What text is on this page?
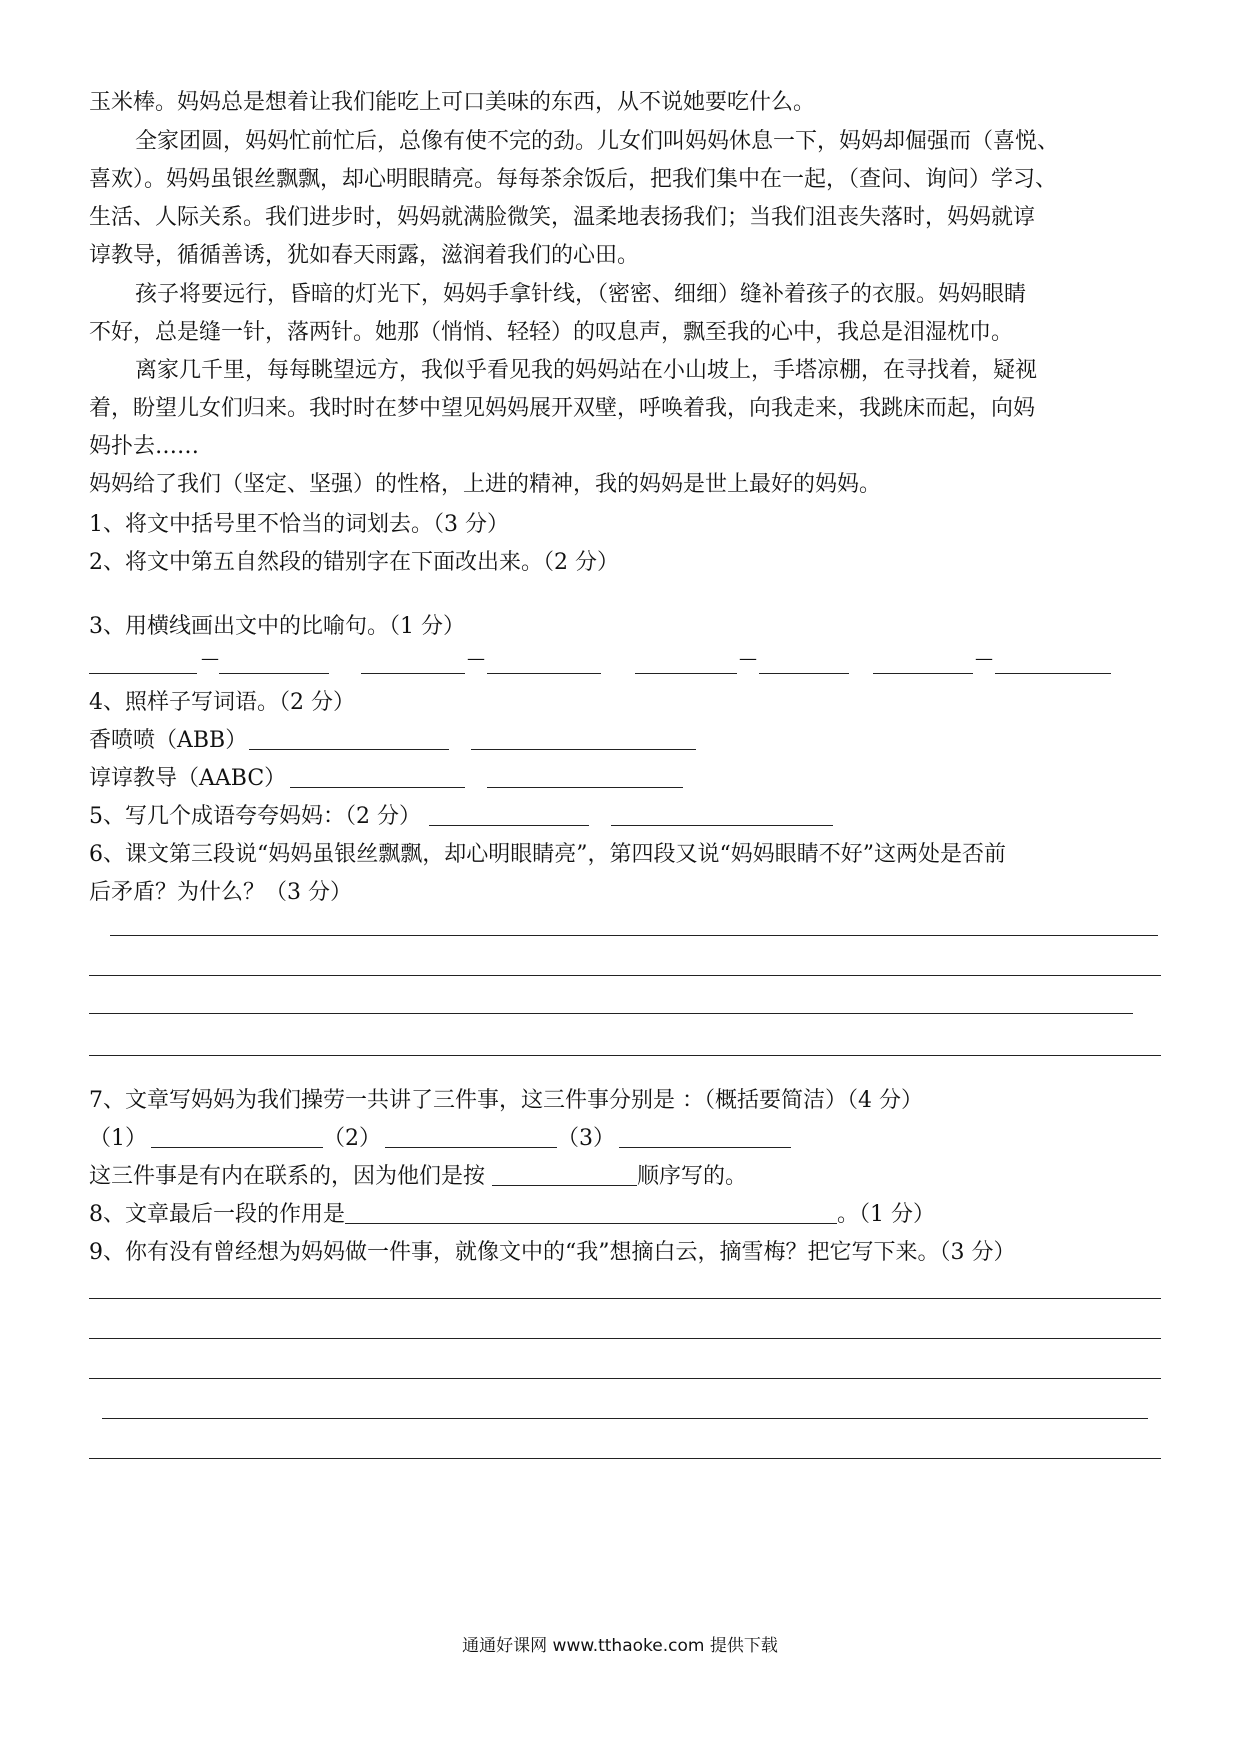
玉米棒。妈妈总是想着让我们能吃上可口美味的东西，从不说她要吃什么。
全家团圆，妈妈忙前忙后，总像有使不完的劲。儿女们叫妈妈休息一下，妈妈却倔强而（喜悦、
喜欢）。妈妈虽银丝飘飘，却心明眼睛亮。每每茶余饭后，把我们集中在一起，（查问、询问）学习、
生活、人际关系。我们进步时，妈妈就满脸微笑，温柔地表扬我们；当我们沮丧失落时，妈妈就谆
谆教导，循循善诱，犹如春天雨露，滋润着我们的心田。
孩子将要远行，昏暗的灯光下，妈妈手拿针线，（密密、细细）缝补着孩子的衣服。妈妈眼睛
不好，总是缝一针，落两针。她那（悄悄、轻轻）的叹息声，飘至我的心中，我总是泪湿枕巾。
离家几千里，每每眺望远方，我似乎看见我的妈妈站在小山坡上，手塔凉棚，在寻找着，疑视
着，盼望儿女们归来。我时时在梦中望见妈妈展开双壁，呼唤着我，向我走来，我跳床而起，向妈
妈扑去……
妈妈给了我们（坚定、坚强）的性格，上进的精神，我的妈妈是世上最好的妈妈。
1、将文中括号里不恰当的词划去。（3 分）
2、将文中第五自然段的错别字在下面改出来。（2 分）
—	—	—	—
3、用横线画出文中的比喻句。（1 分）
4、照样子写词语。（2 分）
香喷喷（ABB）
谆谆教导（AABC）
5、写几个成语夸夸妈妈：（2 分）
6、课文第三段说“妈妈虽银丝飘飘，却心明眼睛亮”，第四段又说“妈妈眼睛不好”这两处是否前
后矛盾？为什么？（3 分）
7、文章写妈妈为我们操劳一共讲了三件事，这三件事分别是 ：（概括要简洁）（4 分）
（1）	（2）	（3）
这三件事是有内在联系的，因为他们是按	顺序写的。
8、文章最后一段的作用是	。（1 分）
9、你有没有曾经想为妈妈做一件事，就像文中的“我”想摘白云，摘雪梅？把它写下来。（3 分）
通通好课网 www.tthaoke.com 提供下载
